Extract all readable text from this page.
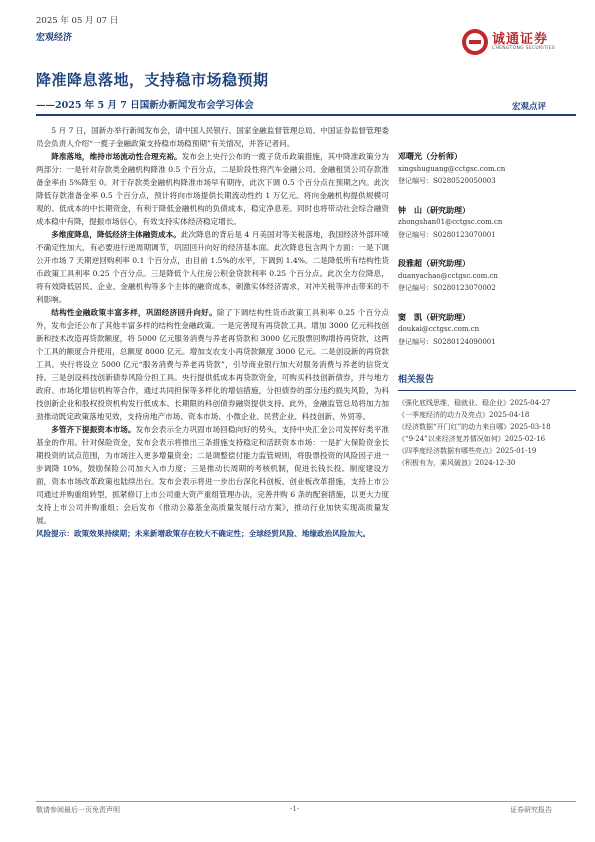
2025 年 05 月 07 日
宏观经济	诚通证券
CHENGTONG SECURITIES
降准降息落地，支持稳市场稳预期
——2025 年 5 月 7 日国新办新闻发布会学习体会	宏观点评

5 月 7 日，国新办举行新闻发布会，请中国人民银行、国家金融监督管理总局、中国证券监督管理委员会负责人介绍“一揽子金融政策支持稳市场稳预期”有关情况，并答记者问。

降准落地，维持市场流动性合理充裕。发布会上央行公布的一揽子货币政策措施，其中降准政策分为两部分：一是针对存款类金融机构降准 0.5 个百分点，二是阶段性将汽车金融公司、金融租赁公司存款准备金率由 5%降至 0。对于存款类金融机构降准市场早有期待，此次下调 0.5 个百分点在预期之内。此次降低存款准备金率 0.5 个百分点，预计将向市场提供长期流动性约 1 万亿元。将向金融机构提供规模可观的、低成本的中长期资金，有利于降低金融机构的负债成本，稳定净息差。同时也将带动社会综合融资成本稳中有降，提振市场信心，有效支持实体经济稳定增长。

多维度降息，降低经济主体融资成本。此次降息的背后是 4 月美国对等关税落地，我国经济外部环境不确定性加大，有必要进行逆周期调节，巩固回升向好的经济基本面。此次降息包含两个方面：一是下调公开市场 7 天期逆回购利率 0.1 个百分点，由目前 1.5%的水平，下调到 1.4%。二是降低所有结构性货币政策工具利率 0.25 个百分点。三是降低个人住房公积金贷款利率 0.25 个百分点。此次全方位降息，将有效降低居民、企业、金融机构等多个主体的融资成本，刺激实体经济需求，对冲关税等冲击带来的不利影响。

结构性金融政策丰富多样，巩固经济回升向好。除了下调结构性货币政策工具利率 0.25 个百分点外，发布会还公布了其他丰富多样的结构性金融政策。一是完善现有再贷款工具。增加 3000 亿元科技创新和技术改造再贷款额度，将 5000 亿元服务消费与养老再贷款和 3000 亿元股票回购增持再贷款，这两个工具的额度合并使用，总额度 8000 亿元。增加支农支小再贷款额度 3000 亿元。二是创设新的再贷款工具。央行将设立 5000 亿元“服务消费与养老再贷款”，引导商业银行加大对服务消费与养老的信贷支持。三是创设科技创新债券风险分担工具。央行提供低成本再贷款资金，可购买科技创新债券，并与地方政府、市场化增信机构等合作，通过共同担保等多样化的增信措施，分担债券的部分违约损失风险，为科技创新企业和股权投资机构发行低成本、长期限的科创债券融资提供支持。此外，金融监管总局将加力加劲推动既定政策落地见效，支持房地产市场、资本市场、小微企业、民营企业、科技创新、外贸等。

多管齐下提振资本市场。发布会表示全力巩固市场回稳向好的势头，支持中央汇金公司发挥好类平准基金的作用。针对保险资金，发布会表示将推出三条措施支持稳定和活跃资本市场：一是扩大保险资金长期投资的试点范围，为市场注入更多增量资金；二是调整偿付能力监管规则，将股票投资的风险因子进一步调降 10%，鼓励保险公司加大入市力度；三是推动长周期的考核机制，促进长钱长投。制度建设方面，资本市场改革政策也陆续出台。发布会表示将进一步出台深化科创板、创业板改革措施，支持上市公司通过并购重组转型，抓紧修订上市公司重大资产重组管理办法，完善并购 6 条的配套措施，以更大力度支持上市公司并购重组；会后发布《推动公募基金高质量发展行动方案》，推动行业加快实现高质量发展。

风险提示：政策效果持续期；未来新增政策存在较大不确定性；全球经贸风险、地缘政治风险加大。

邓曙光（分析师）
xingshuguang@cctgsc.com.cn
登记编号：S0280520050003
钟　山（研究助理）
zhongshan01@cctgsc.com.cn
登记编号：S0280123070001
段雅超（研究助理）
duanyachao@cctgsc.com.cn
登记编号：S0280123070002
窦　凯（研究助理）
doukai@cctgsc.com.cn
登记编号：S0280124090001
相关报告
《强化底线思维，稳就业、稳企业》2025-04-27
《一季度经济的动力及亮点》2025-04-18
《经济数据“开门红”的动力来自哪》2025-03-18
《“9·24”以来经济复苏情况如何》2025-02-16
《四季度经济数据有哪些亮点》2025-01-19
《积极有为，乘风破浪》2024-12-30
敬请参阅最后一页免责声明	-1-	证券研究报告
